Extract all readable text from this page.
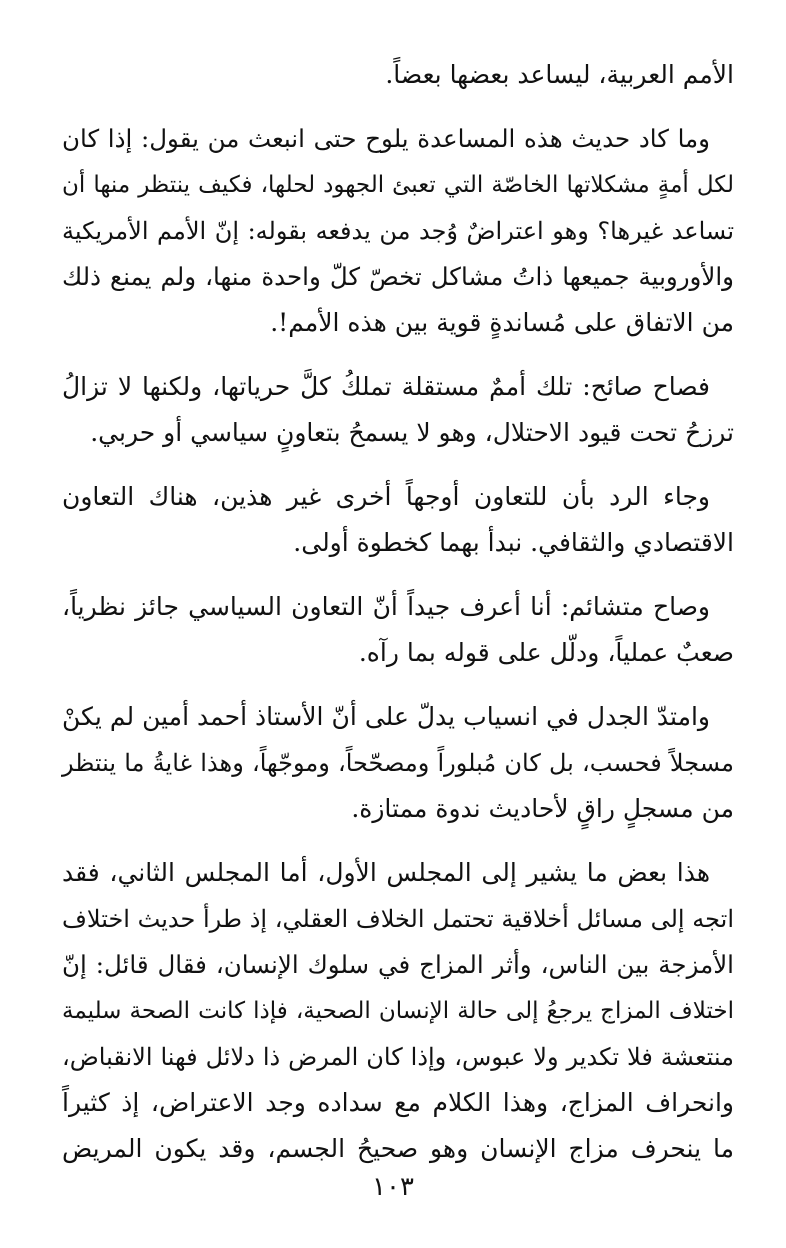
الأمم العربية، ليساعد بعضها بعضاً.
وما كاد حديث هذه المساعدة يلوح حتى انبعث من يقول: إذا كان
لكل أمةٍ مشكلاتها الخاصّة التي تعبئ الجهود لحلها، فكيف ينتظر منها أن
تساعد غيرها؟ وهو اعتراضٌ وُجد من يدفعه بقوله: إنّ الأمم الأمريكية
والأوروبية جميعها ذاتُ مشاكل تخصّ كلّ واحدة منها، ولم يمنع ذلك
من الاتفاق على مُساندةٍ قوية بين هذه الأمم!.
فصاح صائح: تلك أممٌ مستقلة تملكُ كلَّ حرياتها، ولكنها لا تزالُ
ترزحُ تحت قيود الاحتلال، وهو لا يسمحُ بتعاونٍ سياسي أو حربي.
وجاء الرد بأن للتعاون أوجهاً أخرى غير هذين، هناك التعاون
الاقتصادي والثقافي. نبدأ بهما كخطوة أولى.
وصاح متشائم: أنا أعرف جيداً أنّ التعاون السياسي جائز نظرياً،
صعبٌ عملياً، ودلّل على قوله بما رآه.
وامتدّ الجدل في انسياب يدلّ على أنّ الأستاذ أحمد أمين لم يكنْ
مسجلاً فحسب، بل كان مُبلوراً ومصحّحاً، وموجّهاً، وهذا غايةُ ما ينتظر
من مسجلٍ راقٍ لأحاديث ندوة ممتازة.
هذا بعض ما يشير إلى المجلس الأول، أما المجلس الثاني، فقد
اتجه إلى مسائل أخلاقية تحتمل الخلاف العقلي، إذ طرأ حديث اختلاف
الأمزجة بين الناس، وأثر المزاج في سلوك الإنسان، فقال قائل: إنّ
اختلاف المزاج يرجعُ إلى حالة الإنسان الصحية، فإذا كانت الصحة سليمة
منتعشة فلا تكدير ولا عبوس، وإذا كان المرض ذا دلائل فهنا الانقباض،
وانحراف المزاج، وهذا الكلام مع سداده وجد الاعتراض، إذ كثيراً
ما ينحرف مزاج الإنسان وهو صحيحُ الجسم، وقد يكون المريض
١٠٣
